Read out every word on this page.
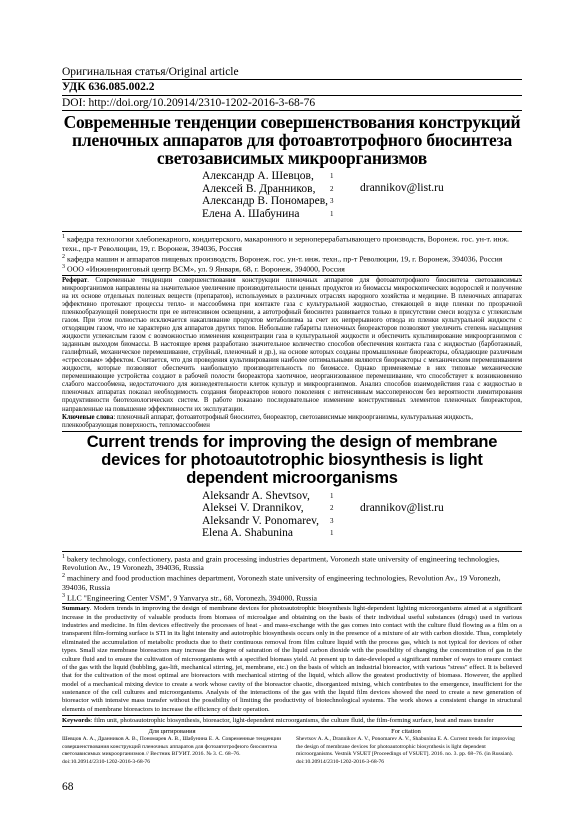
Оригинальная статья/Original article
УДК 636.085.002.2
DOI: http://doi.org/10.20914/2310-1202-2016-3-68-76
Современные тенденции совершенствования конструкций пленочных аппаратов для фотоавтотрофного биосинтеза светозависимых микроорганизмов
Александр А. Шевцов,
Алексей В. Дранников,
Александр В. Пономарев,
Елена А. Шабунина
1
2
3
1
drannikov@list.ru

$^1$ кафедра технологии хлебопекарного, кондитерского, макаронного и зерноперерабатывающего производств, Воронеж. гос. ун-т. инж. техн., пр-т Революции, 19, г. Воронеж, 394036, Россия

$^2$ кафедра машин и аппаратов пищевых производств, Воронеж. гос. ун-т. инж. техн., пр-т Революции, 19, г. Воронеж, 394036, Россия

$^3$ ООО «Инжиниринговый центр ВСМ», ул. 9 Января, 68, г. Воронеж, 394000, Россия

Реферат. Современные тенденции совершенствования конструкции пленочных аппаратов для фотоавтотрофного биосинтеза светозависимых микроорганизмов направлены на значительное увеличение производительности ценных продуктов из биомассы микроскопических водорослей и получение на их основе отдельных полезных веществ (препаратов), используемых в различных отраслях народного хозяйства и медицине. В пленочных аппаратах эффективно протекают процессы тепло- и массообмена при контакте газа с культуральной жидкостью, стекающей в виде пленки по прозрачной пленкообразующей поверхности при ее интенсивном освещении, а автотрофный биосинтез развивается только в присутствии смеси воздуха с углекислым газом. При этом полностью исключается накапливание продуктов метаболизма за счет их непрерывного отвода из пленки культуральной жидкости с отходящим газом, что не характерно для аппаратов других типов. Небольшие габариты пленочных биореакторов позволяют увеличить степень насыщения жидкости углекислым газом с возможностью изменения концентрации газа в культуральной жидкости и обеспечить культивирование микроорганизмов с заданным выходом биомассы. В настоящее время разработано значительное количество способов обеспечения контакта газа с жидкостью (барботажный, газлифтный, механическое перемешивание, струйный, пленочный и др.), на основе которых созданы промышленные биореакторы, обладающие различным «стрессовым» эффектом. Считается, что для проведения культивирования наиболее оптимальными являются биореакторы с механическим перемешиванием жидкости, которые позволяют обеспечить наибольшую производительность по биомассе. Однако применяемые в них типовые механические перемешивающие устройства создают в рабочей полости биореактора хаотичное, неорганизованное перемешивание, что способствует к возникновению слабого массообмена, недостаточного для жизнедеятельности клеток культур и микроорганизмов. Анализ способов взаимодействия газа с жидкостью в пленочных аппаратах показал необходимость создания биореакторов нового поколения с интенсивным массопереносом без вероятности лимитирования продуктивности биотехнологических систем. В работе показано последовательное изменение конструктивных элементов пленочных биореакторов, направленные на повышение эффективности их эксплуатации.

Ключевые слова: пленочный аппарат, фотоавтотрофный биосинтез, биореактор, светозависимые микроорганизмы, культуральная жидкость, пленкообразующая поверхность, тепломассообмен

Current trends for improving the design of membrane devices for photoautotrophic biosynthesis is light dependent microorganisms
Aleksandr A. Shevtsov,
Aleksei V. Drannikov,
Aleksandr V. Ponomarev,
Elena A. Shabunina
1
2
3
1
drannikov@list.ru

$^1$ bakery technology, confectionery, pasta and grain processing industries department, Voronezh state university of engineering technologies, Revolution Av., 19 Voronezh, 394036, Russia

$^2$ machinery and food production machines department, Voronezh state university of engineering technologies, Revolution Av., 19 Voronezh, 394036, Russia

$^3$ LLC "Engineering Center VSM", 9 Yanvarya str., 68, Voronezh, 394000, Russia

Summary. Modern trends in improving the design of membrane devices for photoautotrophic biosynthesis light-dependent lighting microorganisms aimed at a significant increase in the productivity of valuable products from biomass of microalgae and obtaining on the basis of their individual useful substances (drugs) used in various industries and medicine. In film devices effectively the processes of heat - and mass-exchange with the gas comes into contact with the culture fluid flowing as a film on a transparent film-forming surface is STI in its light intensity and autotrophic biosynthesis occurs only in the presence of a mixture of air with carbon dioxide. Thus, completely eliminated the accumulation of metabolic products due to their continuous removal from film culture liquid with the process gas, which is not typical for devices of other types. Small size membrane bioreactors may increase the degree of saturation of the liquid carbon dioxide with the possibility of changing the concentration of gas in the culture fluid and to ensure the cultivation of microorganisms with a specified biomass yield. At present up to date-developed a significant number of ways to ensure contact of the gas with the liquid (bubbling, gas-lift, mechanical stirring, jet, membrane, etc.) on the basis of which an industrial bioreactor, with various "stress" effect. It is believed that for the cultivation of the most optimal are bioreactors with mechanical stirring of the liquid, which allow the greatest productivity of biomass. However, the applied model of a mechanical mixing device to create a work whose cavity of the bioreactor chaotic, disorganized mixing, which contributes to the emergence, insufficient for the sustenance of the cell cultures and microorganisms. Analysis of the interactions of the gas with the liquid film devices showed the need to create a new generation of bioreactor with intensive mass transfer without the possibility of limiting the productivity of biotechnological systems. The work shows a consistent change in structural elements of membrane bioreactors to increase the efficiency of their operation.

Keywords: film unit, photoautotrophic biosynthesis, bioreactor, light-dependent microorganisms, the culture fluid, the film-forming surface, heat and mass transfer

Для цитирования
Шевцов А. А., Дранников А. В., Пономарев А. В., Шабунина Е. А. Современные тенденции совершенствования конструкций пленочных аппаратов для фотоавтотрофного биосинтеза светозависимых микроорганизмов // Вестник ВГУИТ. 2016. № 3. С. 68–76. doi:10.20914/2310-1202-2016-3-68-76
For citation
Shevtsov A. A., Drannikov A. V., Ponomarev A. V., Shabunina E. A. Current trends for improving the design of membrane devices for photoautotrophic biosynthesis is light dependent microorganisms. Vestnik VSUET [Proceedings of VSUET]. 2016. no. 3. pp. 68–76. (in Russian). doi:10.20914/2310-1202-2016-3-68-76
68
